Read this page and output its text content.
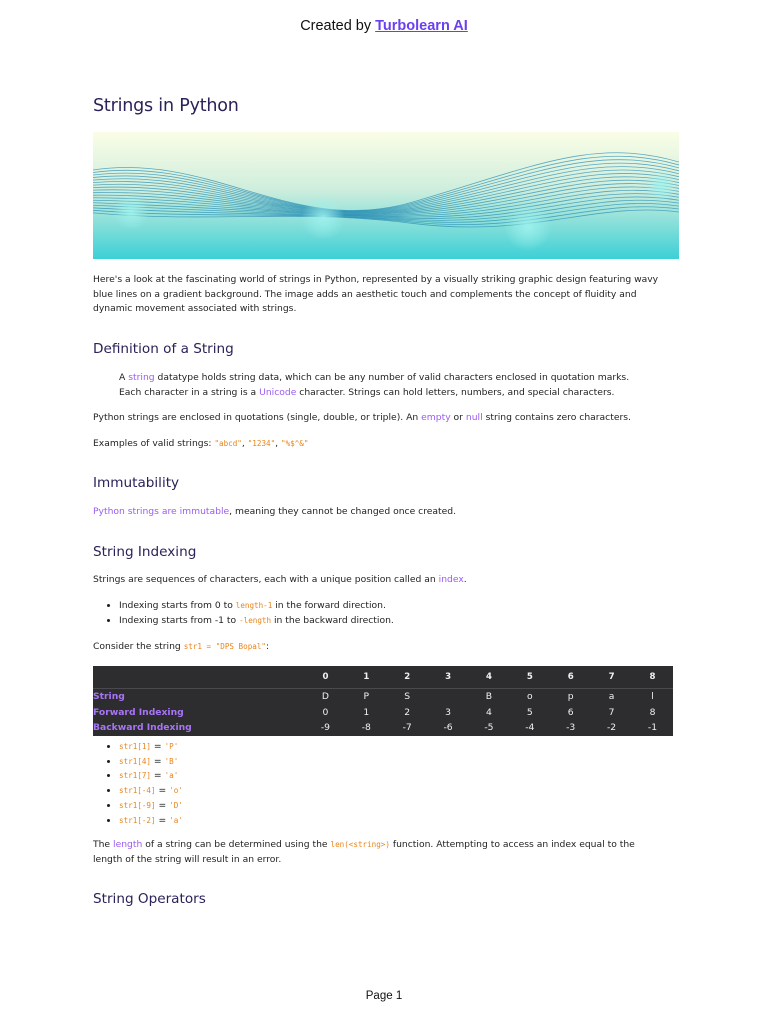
Created by Turbolearn AI
Strings in Python

Here's a look at the fascinating world of strings in Python, represented by a visually striking graphic design featuring wavy blue lines on a gradient background. The image adds an aesthetic touch and complements the concept of fluidity and dynamic movement associated with strings.

Definition of a String

A string datatype holds string data, which can be any number of valid characters enclosed in quotation marks.

Each character in a string is a Unicode character. Strings can hold letters, numbers, and special characters.

Python strings are enclosed in quotations (single, double, or triple). An empty or null string contains zero characters.

Examples of valid strings: "abcd", "1234", "%$^&"

Immutability

Python strings are immutable, meaning they cannot be changed once created.

String Indexing

Strings are sequences of characters, each with a unique position called an index.

• Indexing starts from 0 to length-1 in the forward direction.
• Indexing starts from -1 to -length in the backward direction.

Consider the string str1 = "DPS Bopal":

	0	1	2	3	4	5	6	7	8
String	D	P	S		B	o	p	a	l
Forward Indexing	0	1	2	3	4	5	6	7	8
Backward Indexing	-9	-8	-7	-6	-5	-4	-3	-2	-1
• str1[1] = 'P'
• str1[4] = 'B'
• str1[7] = 'a'
• str1[-4] = 'o'
• str1[-9] = 'D'
• str1[-2] = 'a'

The length of a string can be determined using the len(<string>) function. Attempting to access an index equal to the length of the string will result in an error.

String Operators
Page 1
